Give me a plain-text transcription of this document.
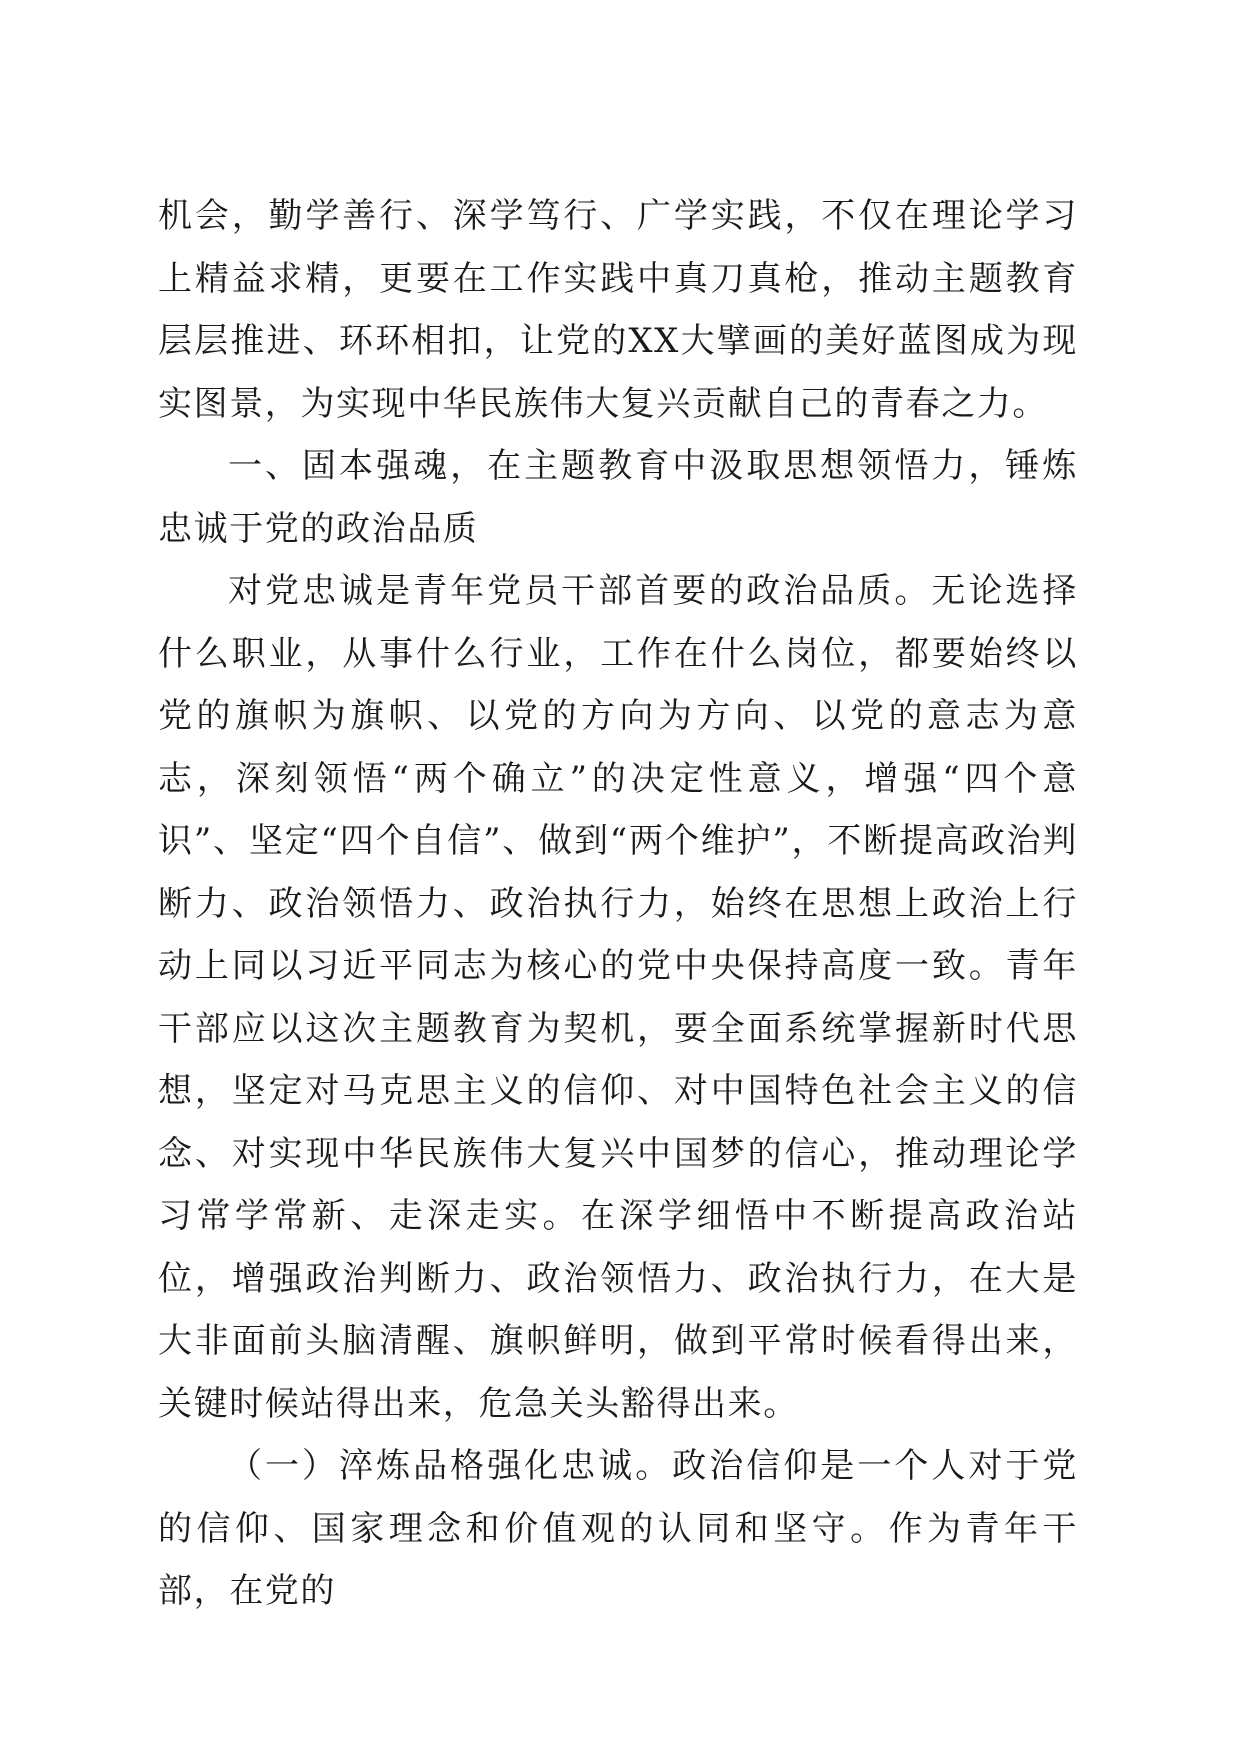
机会，勤学善行、深学笃行、广学实践，不仅在理论学习上精益求精，更要在工作实践中真刀真枪，推动主题教育层层推进、环环相扣，让党的XX大擘画的美好蓝图成为现实图景，为实现中华民族伟大复兴贡献自己的青春之力。

一、固本强魂，在主题教育中汲取思想领悟力，锤炼忠诚于党的政治品质

对党忠诚是青年党员干部首要的政治品质。无论选择什么职业，从事什么行业，工作在什么岗位，都要始终以党的旗帜为旗帜、以党的方向为方向、以党的意志为意志，深刻领悟“两个确立”的决定性意义，增强“四个意识”、坚定“四个自信”、做到“两个维护”，不断提高政治判断力、政治领悟力、政治执行力，始终在思想上政治上行动上同以习近平同志为核心的党中央保持高度一致。青年干部应以这次主题教育为契机，要全面系统掌握新时代思想，坚定对马克思主义的信仰、对中国特色社会主义的信念、对实现中华民族伟大复兴中国梦的信心，推动理论学习常学常新、走深走实。在深学细悟中不断提高政治站位，增强政治判断力、政治领悟力、政治执行力，在大是大非面前头脑清醒、旗帜鲜明，做到平常时候看得出来，关键时候站得出来，危急关头豁得出来。

（一）淬炼品格强化忠诚。政治信仰是一个人对于党的信仰、国家理念和价值观的认同和坚守。作为青年干部，在党的
